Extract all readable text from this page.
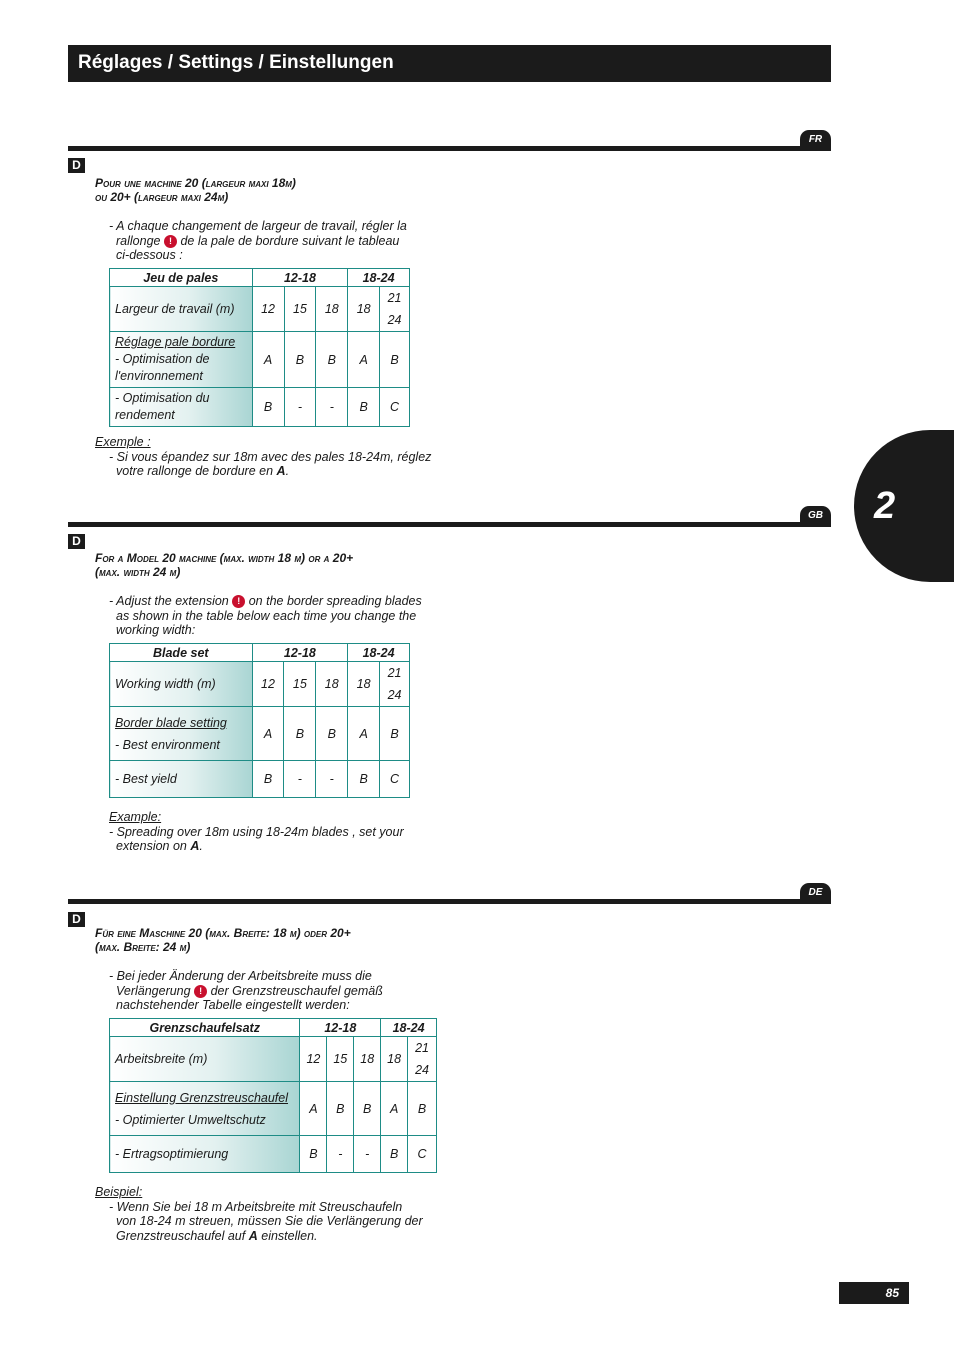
Réglages / Settings / Einstellungen
FR
D
Pour une machine 20 (largeur maxi 18m)
ou 20+ (largeur maxi 24m)
- A chaque changement de largeur de travail, régler la
rallonge ! de la pale de bordure suivant le tableau
ci-dessous :
Jeu de pales	12-18			18-24	
Largeur de travail (m)	12	15	18	18	21
24

Réglage pale bordure
- Optimisation de l'environnement	A	B	B	A	B
- Optimisation du rendement	B	-	-	B	C
Exemple :
- Si vous épandez sur 18m avec des pales 18-24m, réglez
votre rallonge de bordure en A.
GB
D
For a Model 20 machine (max. width 18 m) or a 20+
(max. width 24 m)
- Adjust the extension ! on the border spreading blades
as shown in the table below each time you change the
working width:
Blade set	12-18			18-24	
Working width (m)	12	15	18	18	21
24

Border blade setting
- Best environment	A	B	B	A	B
- Best yield	B	-	-	B	C
Example:
- Spreading over 18m using 18-24m blades , set your
extension on A.
DE
D
Für eine Maschine 20 (max. Breite: 18 m) oder 20+
(max. Breite: 24 m)
- Bei jeder Änderung der Arbeitsbreite muss die
Verlängerung ! der Grenzstreuschaufel gemäß
nachstehender Tabelle eingestellt werden:
Grenzschaufelsatz	12-18			18-24	
Arbeitsbreite (m)	12	15	18	18	21
24

Einstellung Grenzstreuschaufel
- Optimierter Umweltschutz	A	B	B	A	B
- Ertragsoptimierung	B	-	-	B	C
Beispiel:
- Wenn Sie bei 18 m Arbeitsbreite mit Streuschaufeln
von 18-24 m streuen, müssen Sie die Verlängerung der
Grenzstreuschaufel auf A einstellen.
2
85
